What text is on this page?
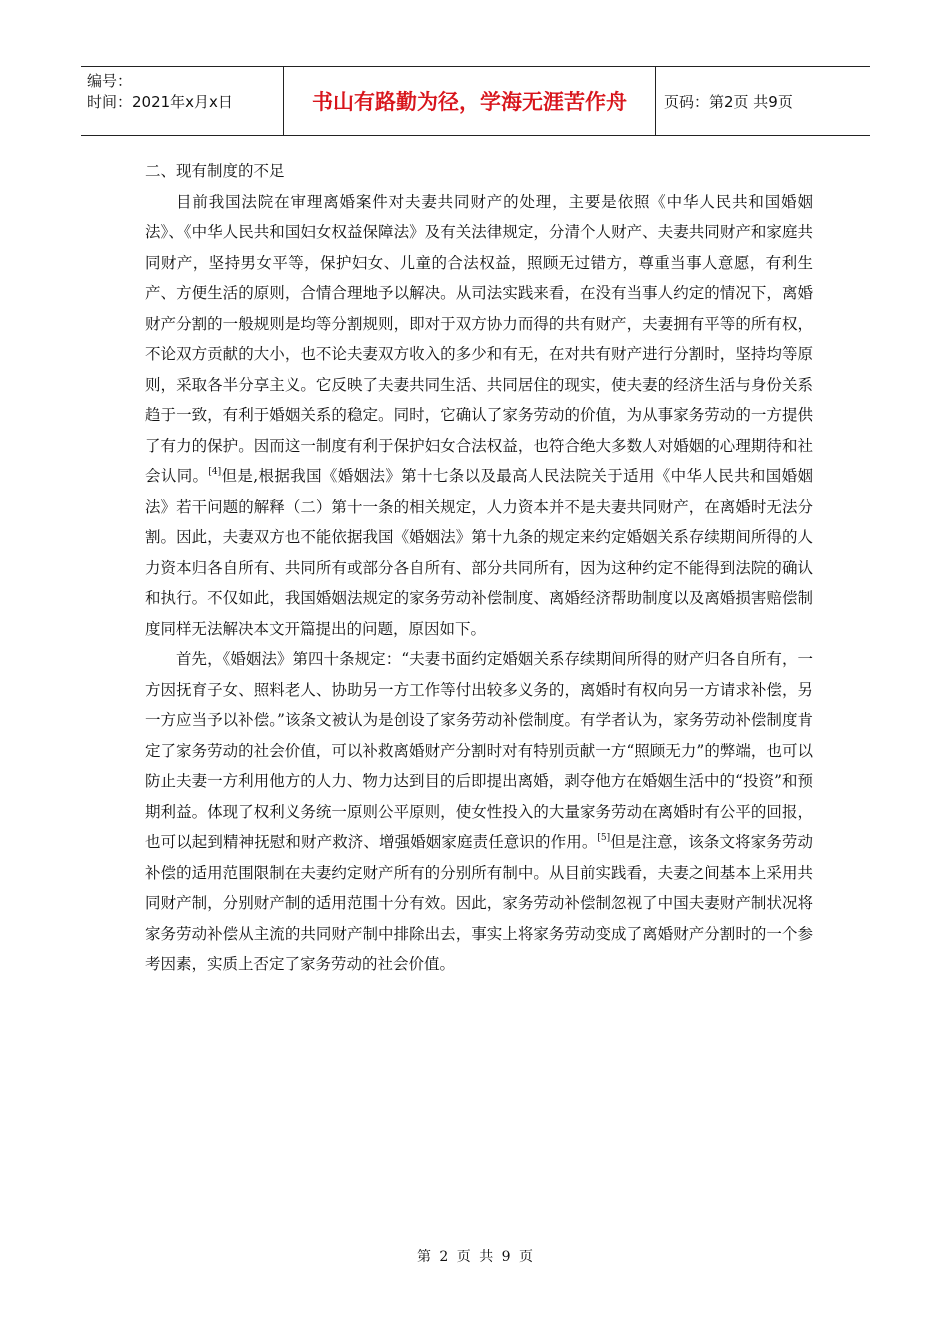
编号：
时间：2021年x月x日	书山有路勤为径，学海无涯苦作舟 页码：第2页 共9页

二、现有制度的不足

目前我国法院在审理离婚案件对夫妻共同财产的处理，主要是依照《中华人民共和国婚姻法》、《中华人民共和国妇女权益保障法》及有关法律规定，分清个人财产、夫妻共同财产和家庭共同财产，坚持男女平等，保护妇女、儿童的合法权益，照顾无过错方，尊重当事人意愿，有利生产、方便生活的原则，合情合理地予以解决。从司法实践来看，在没有当事人约定的情况下，离婚财产分割的一般规则是均等分割规则，即对于双方协力而得的共有财产，夫妻拥有平等的所有权，不论双方贡献的大小，也不论夫妻双方收入的多少和有无，在对共有财产进行分割时，坚持均等原则，采取各半分享主义。它反映了夫妻共同生活、共同居住的现实，使夫妻的经济生活与身份关系趋于一致，有利于婚姻关系的稳定。同时，它确认了家务劳动的价值，为从事家务劳动的一方提供了有力的保护。因而这一制度有利于保护妇女合法权益，也符合绝大多数人对婚姻的心理期待和社会认同。[4]但是,根据我国《婚姻法》第十七条以及最高人民法院关于适用《中华人民共和国婚姻法》若干问题的解释（二）第十一条的相关规定，人力资本并不是夫妻共同财产，在离婚时无法分割。因此，夫妻双方也不能依据我国《婚姻法》第十九条的规定来约定婚姻关系存续期间所得的人力资本归各自所有、共同所有或部分各自所有、部分共同所有，因为这种约定不能得到法院的确认和执行。不仅如此，我国婚姻法规定的家务劳动补偿制度、离婚经济帮助制度以及离婚损害赔偿制度同样无法解决本文开篇提出的问题，原因如下。

首先，《婚姻法》第四十条规定：“夫妻书面约定婚姻关系存续期间所得的财产归各自所有，一方因抚育子女、照料老人、协助另一方工作等付出较多义务的，离婚时有权向另一方请求补偿，另一方应当予以补偿。”该条文被认为是创设了家务劳动补偿制度。有学者认为，家务劳动补偿制度肯定了家务劳动的社会价值，可以补救离婚财产分割时对有特别贡献一方“照顾无力”的弊端，也可以防止夫妻一方利用他方的人力、物力达到目的后即提出离婚，剥夺他方在婚姻生活中的“投资”和预期利益。体现了权利义务统一原则公平原则，使女性投入的大量家务劳动在离婚时有公平的回报，也可以起到精神抚慰和财产救济、增强婚姻家庭责任意识的作用。[5]但是注意，该条文将家务劳动补偿的适用范围限制在夫妻约定财产所有的分别所有制中。从目前实践看，夫妻之间基本上采用共同财产制，分别财产制的适用范围十分有效。因此，家务劳动补偿制忽视了中国夫妻财产制状况将家务劳动补偿从主流的共同财产制中排除出去，事实上将家务劳动变成了离婚财产分割时的一个参考因素，实质上否定了家务劳动的社会价值。

第 2 页 共 9 页
